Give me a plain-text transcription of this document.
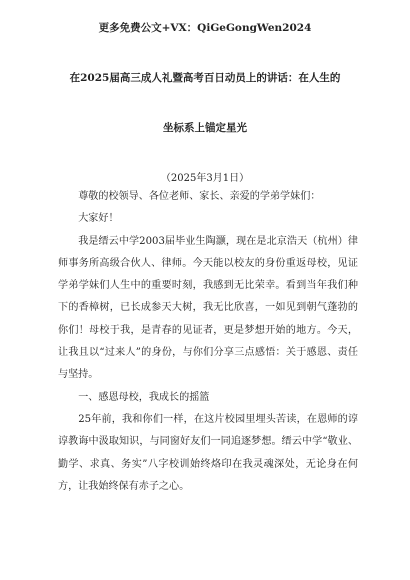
更多免费公文+VX：QiGeGongWen2024
在2025届高三成人礼暨高考百日动员上的讲话：在人生的
坐标系上锚定星光
（2025年3月1日）

尊敬的校领导、各位老师、家长、亲爱的学弟学妹们：

大家好！

我是缙云中学2003届毕业生陶灏，现在是北京浩天（杭州）律师事务所高级合伙人、律师。今天能以校友的身份重返母校，见证学弟学妹们人生中的重要时刻，我感到无比荣幸。看到当年我们种下的香樟树，已长成参天大树，我无比欣喜，一如见到朝气蓬勃的你们！母校于我，是青春的见证者，更是梦想开始的地方。今天，让我且以“过来人”的身份，与你们分享三点感悟：关于感恩、责任与坚持。

一、感恩母校，我成长的摇篮

25年前，我和你们一样，在这片校园里埋头苦读，在恩师的谆谆教诲中汲取知识，与同窗好友们一同追逐梦想。缙云中学“敬业、勤学、求真、务实”八字校训始终烙印在我灵魂深处，无论身在何方，让我始终保有赤子之心。
